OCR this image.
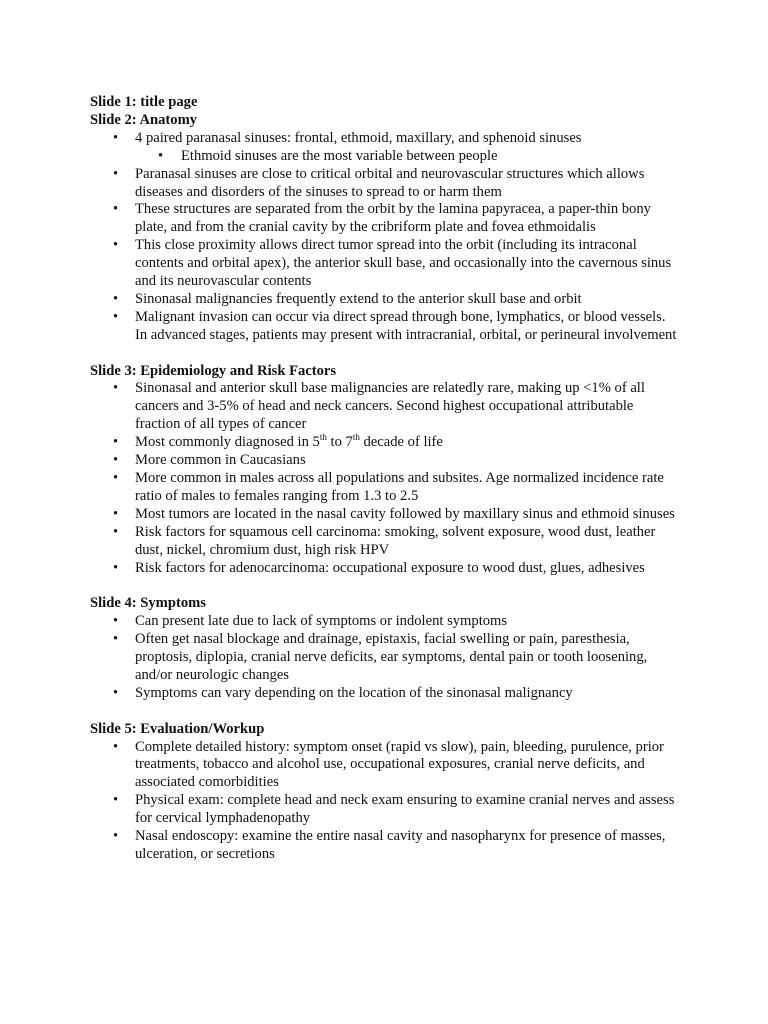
Slide 1: title page

Slide 2: Anatomy

• 4 paired paranasal sinuses: frontal, ethmoid, maxillary, and sphenoid sinuses
• Ethmoid sinuses are the most variable between people
• Paranasal sinuses are close to critical orbital and neurovascular structures which allows diseases and disorders of the sinuses to spread to or harm them
• These structures are separated from the orbit by the lamina papyracea, a paper-thin bony plate, and from the cranial cavity by the cribriform plate and fovea ethmoidalis
• This close proximity allows direct tumor spread into the orbit (including its intraconal contents and orbital apex), the anterior skull base, and occasionally into the cavernous sinus and its neurovascular contents
• Sinonasal malignancies frequently extend to the anterior skull base and orbit
• Malignant invasion can occur via direct spread through bone, lymphatics, or blood vessels. In advanced stages, patients may present with intracranial, orbital, or perineural involvement

Slide 3: Epidemiology and Risk Factors

• Sinonasal and anterior skull base malignancies are relatedly rare, making up <1% of all cancers and 3-5% of head and neck cancers. Second highest occupational attributable fraction of all types of cancer
• Most commonly diagnosed in 5th to 7th decade of life
• More common in Caucasians
• More common in males across all populations and subsites. Age normalized incidence rate ratio of males to females ranging from 1.3 to 2.5
• Most tumors are located in the nasal cavity followed by maxillary sinus and ethmoid sinuses
• Risk factors for squamous cell carcinoma: smoking, solvent exposure, wood dust, leather dust, nickel, chromium dust, high risk HPV
• Risk factors for adenocarcinoma: occupational exposure to wood dust, glues, adhesives

Slide 4: Symptoms

• Can present late due to lack of symptoms or indolent symptoms
• Often get nasal blockage and drainage, epistaxis, facial swelling or pain, paresthesia, proptosis, diplopia, cranial nerve deficits, ear symptoms, dental pain or tooth loosening, and/or neurologic changes
• Symptoms can vary depending on the location of the sinonasal malignancy

Slide 5: Evaluation/Workup

• Complete detailed history: symptom onset (rapid vs slow), pain, bleeding, purulence, prior treatments, tobacco and alcohol use, occupational exposures, cranial nerve deficits, and associated comorbidities
• Physical exam: complete head and neck exam ensuring to examine cranial nerves and assess for cervical lymphadenopathy
• Nasal endoscopy: examine the entire nasal cavity and nasopharynx for presence of masses, ulceration, or secretions
